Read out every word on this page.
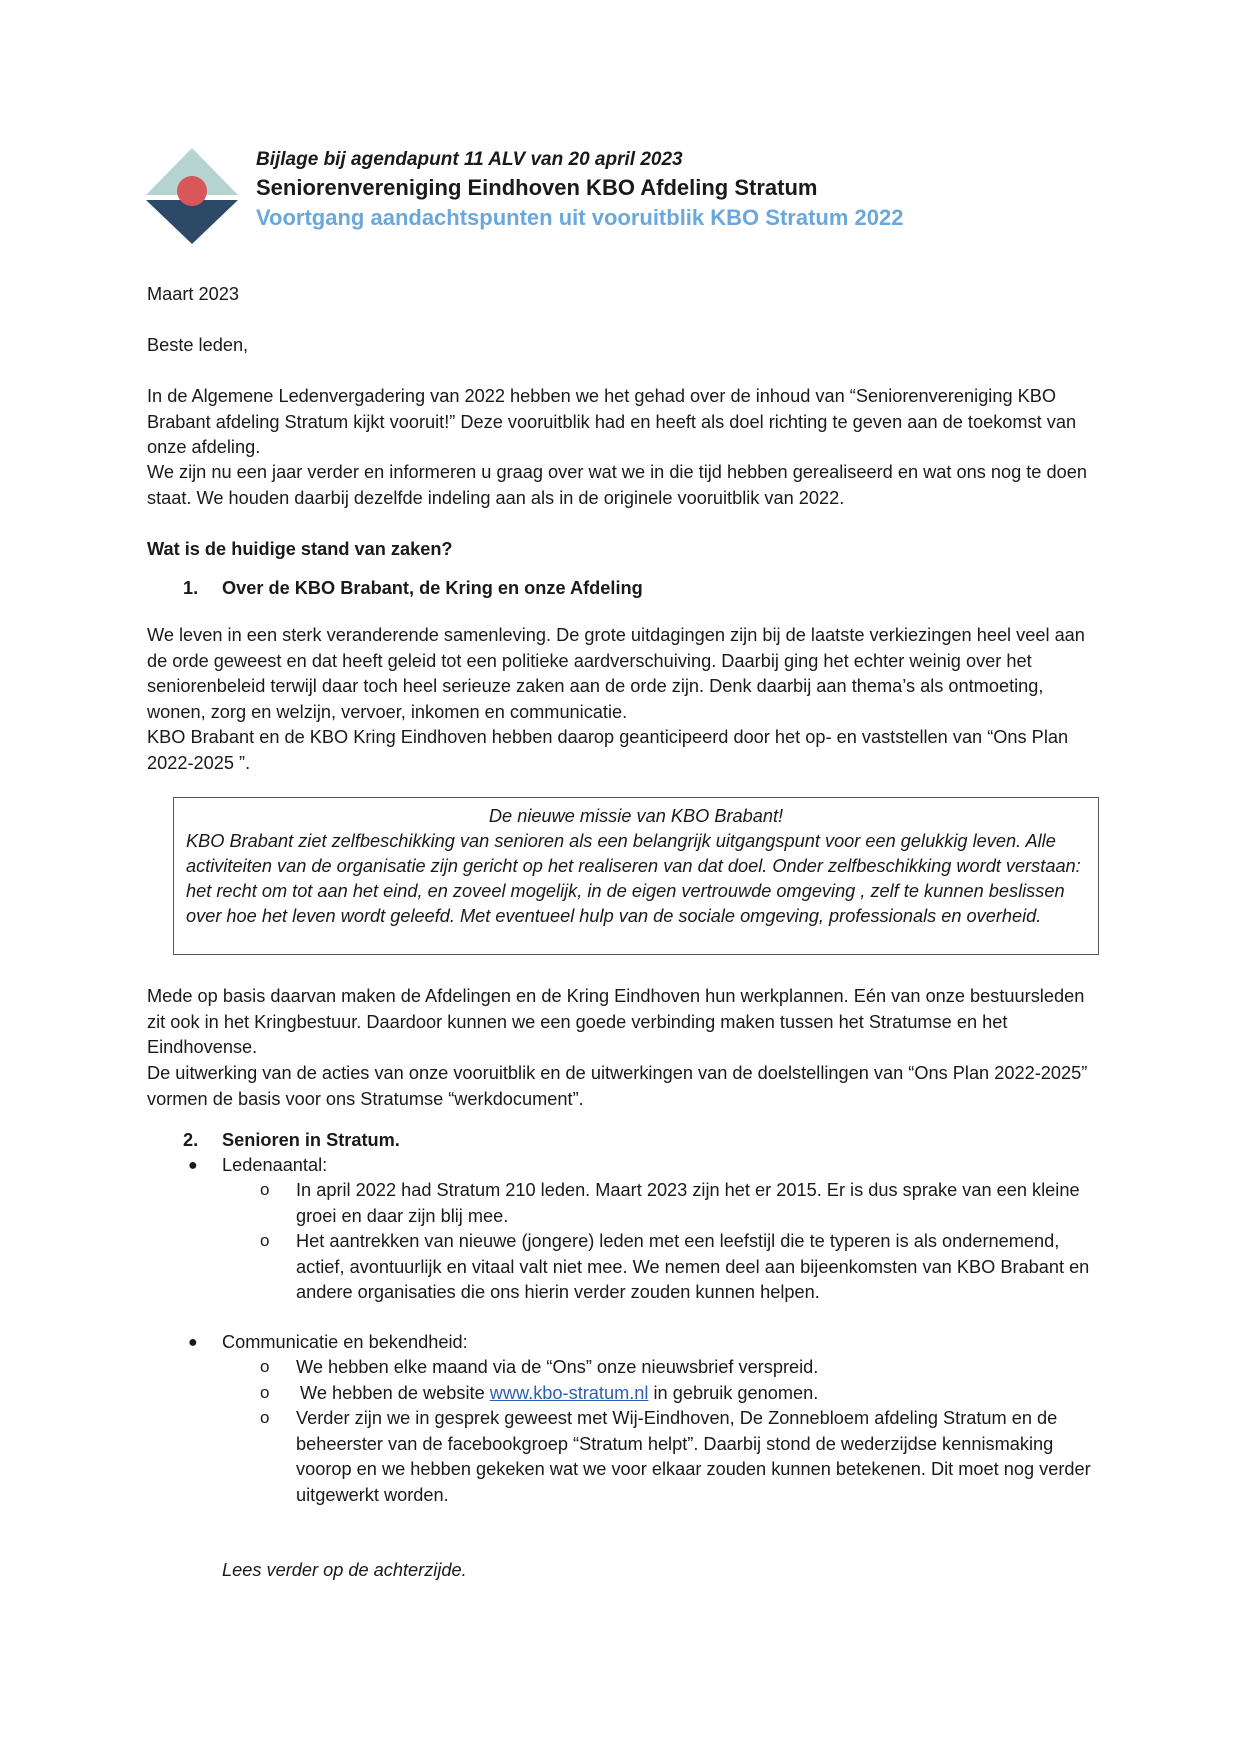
Bijlage bij agendapunt 11 ALV van 20 april 2023
Seniorenvereniging Eindhoven KBO Afdeling Stratum
Voortgang aandachtspunten uit vooruitblik KBO Stratum 2022

Maart 2023

Beste leden,

In de Algemene Ledenvergadering van 2022 hebben we het gehad over de inhoud van “Seniorenvereniging KBO Brabant afdeling Stratum kijkt vooruit!” Deze vooruitblik had en heeft als doel richting te geven aan de toekomst van onze afdeling.

We zijn nu een jaar verder en informeren u graag over wat we in die tijd hebben gerealiseerd en wat ons nog te doen staat. We houden daarbij dezelfde indeling aan als in de originele vooruitblik van 2022.

Wat is de huidige stand van zaken?

1. Over de KBO Brabant, de Kring en onze Afdeling

We leven in een sterk veranderende samenleving. De grote uitdagingen zijn bij de laatste verkiezingen heel veel aan de orde geweest en dat heeft geleid tot een politieke aardverschuiving. Daarbij ging het echter weinig over het seniorenbeleid terwijl daar toch heel serieuze zaken aan de orde zijn. Denk daarbij aan thema’s als ontmoeting, wonen, zorg en welzijn, vervoer, inkomen en communicatie.

KBO Brabant en de KBO Kring Eindhoven hebben daarop geanticipeerd door het op- en vaststellen van “Ons Plan 2022-2025 ”.

De nieuwe missie van KBO Brabant!

KBO Brabant ziet zelfbeschikking van senioren als een belangrijk uitgangspunt voor een gelukkig leven. Alle activiteiten van de organisatie zijn gericht op het realiseren van dat doel. Onder zelfbeschikking wordt verstaan: het recht om tot aan het eind, en zoveel mogelijk, in de eigen vertrouwde omgeving , zelf te kunnen beslissen over hoe het leven wordt geleefd. Met eventueel hulp van de sociale omgeving, professionals en overheid.

Mede op basis daarvan maken de Afdelingen en de Kring Eindhoven hun werkplannen. Eén van onze bestuursleden zit ook in het Kringbestuur. Daardoor kunnen we een goede verbinding maken tussen het Stratumse en het Eindhovense.

De uitwerking van de acties van onze vooruitblik en de uitwerkingen van de doelstellingen van “Ons Plan 2022-2025” vormen de basis voor ons Stratumse “werkdocument”.

2. Senioren in Stratum.
● Ledenaantal:

o In april 2022 had Stratum 210 leden. Maart 2023 zijn het er 2015. Er is dus sprake van een kleine groei en daar zijn blij mee.

o Het aantrekken van nieuwe (jongere) leden met een leefstijl die te typeren is als ondernemend, actief, avontuurlijk en vitaal valt niet mee. We nemen deel aan bijeenkomsten van KBO Brabant en andere organisaties die ons hierin verder zouden kunnen helpen.

● Communicatie en bekendheid:

o We hebben elke maand via de “Ons” onze nieuwsbrief verspreid.

o We hebben de website www.kbo-stratum.nl in gebruik genomen.

o Verder zijn we in gesprek geweest met Wij-Eindhoven, De Zonnebloem afdeling Stratum en de beheerster van de facebookgroep “Stratum helpt”. Daarbij stond de wederzijdse kennismaking voorop en we hebben gekeken wat we voor elkaar zouden kunnen betekenen. Dit moet nog verder uitgewerkt worden.

Lees verder op de achterzijde.
